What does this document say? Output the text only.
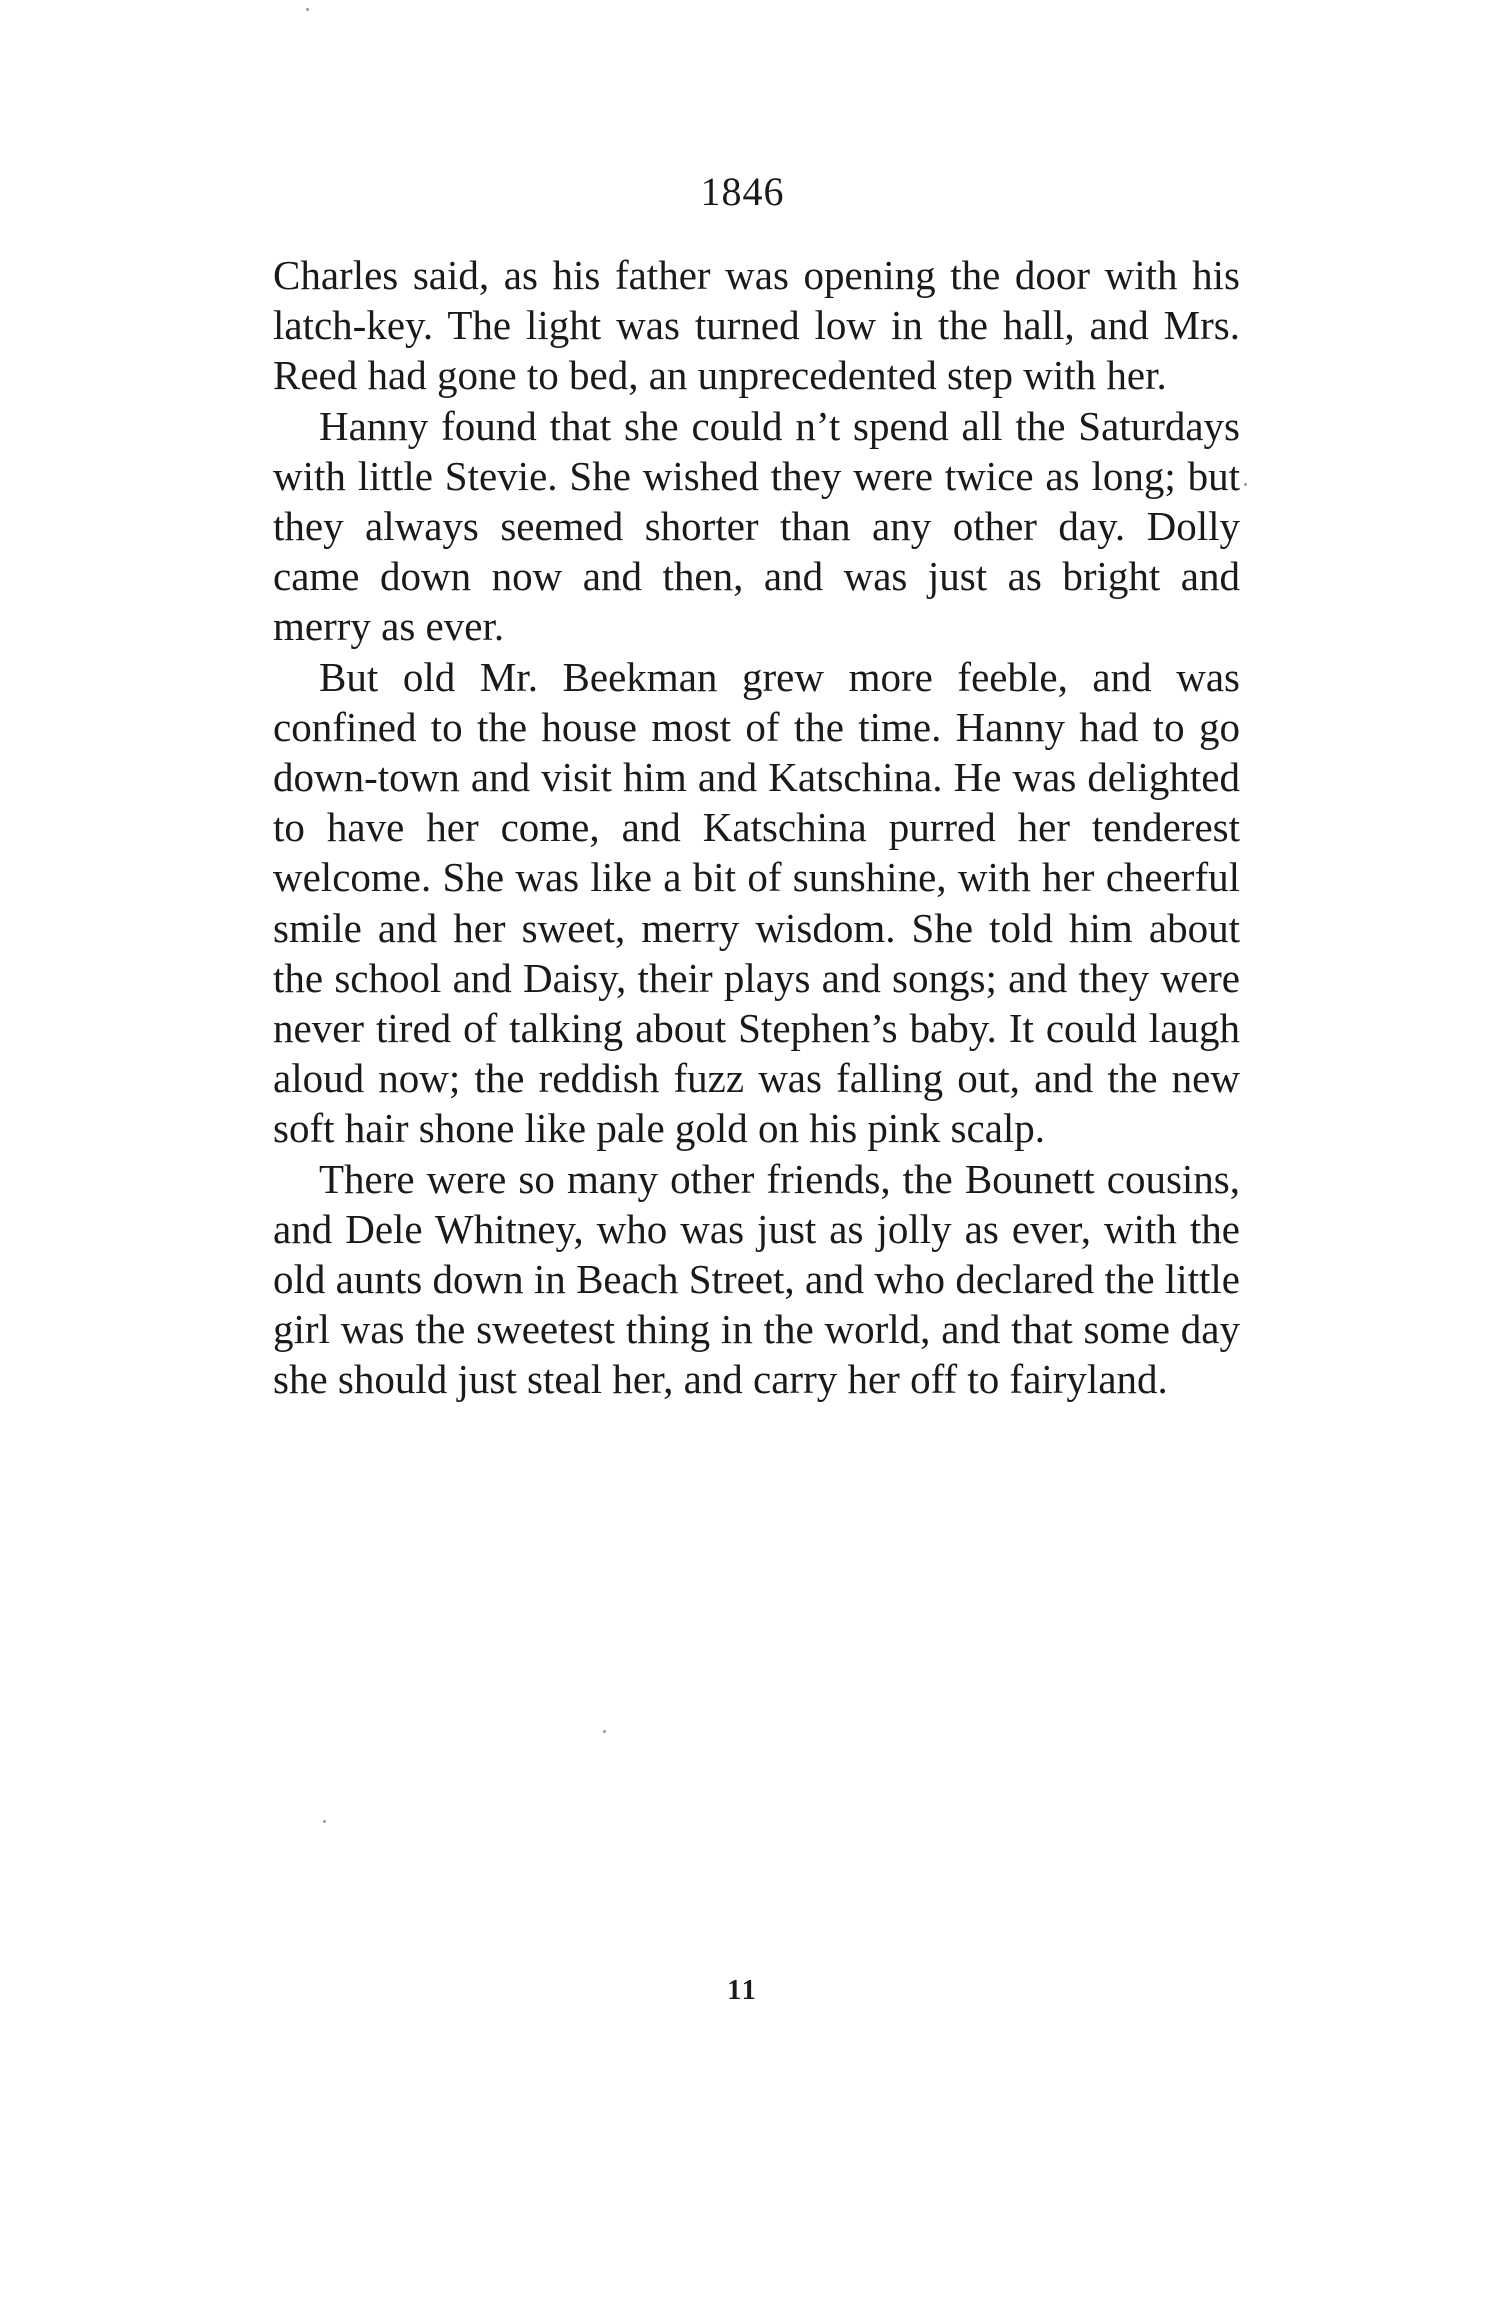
1846

Charles said, as his father was opening the door with his latch-key. The light was turned low in the hall, and Mrs. Reed had gone to bed, an unprecedented step with her.

Hanny found that she could n’t spend all the Saturdays with little Stevie. She wished they were twice as long; but they always seemed shorter than any other day. Dolly came down now and then, and was just as bright and merry as ever.

But old Mr. Beekman grew more feeble, and was confined to the house most of the time. Hanny had to go down-town and visit him and Katschina. He was delighted to have her come, and Katschina purred her tenderest welcome. She was like a bit of sunshine, with her cheerful smile and her sweet, merry wisdom. She told him about the school and Daisy, their plays and songs; and they were never tired of talking about Stephen’s baby. It could laugh aloud now; the reddish fuzz was falling out, and the new soft hair shone like pale gold on his pink scalp.

There were so many other friends, the Bounett cousins, and Dele Whitney, who was just as jolly as ever, with the old aunts down in Beach Street, and who declared the little girl was the sweetest thing in the world, and that some day she should just steal her, and carry her off to fairyland.

11
